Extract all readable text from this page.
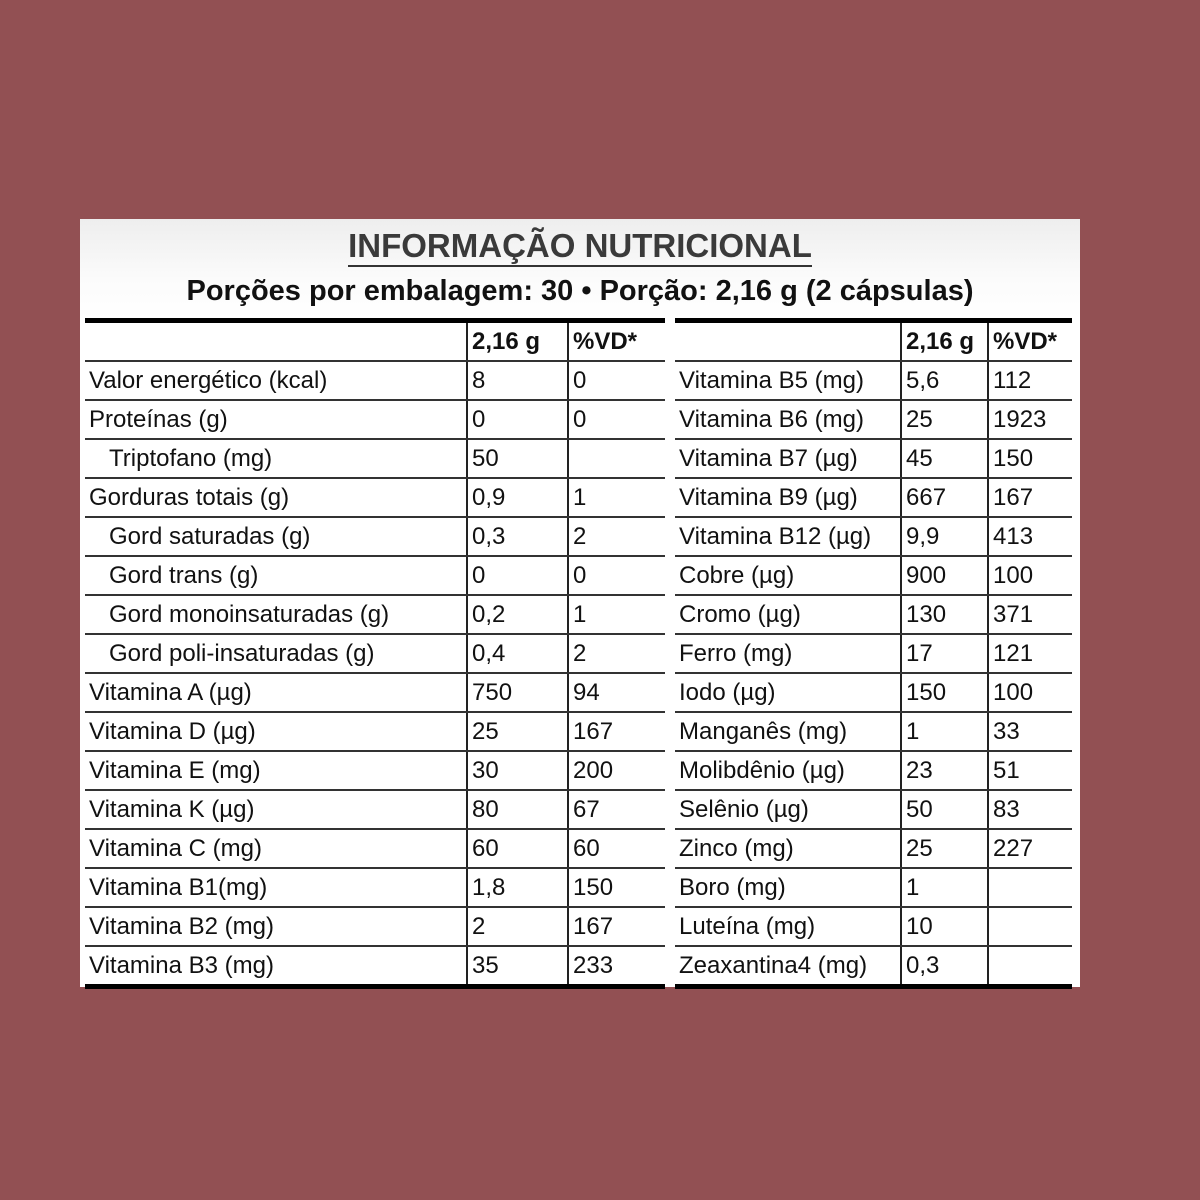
INFORMAÇÃO NUTRICIONAL
Porções por embalagem: 30 • Porção: 2,16 g (2 cápsulas)
	2,16 g	%VD*
Valor energético (kcal)	8	0
Proteínas (g)	0	0
Triptofano (mg)	50	
Gorduras totais (g)	0,9	1
Gord saturadas (g)	0,3	2
Gord trans (g)	0	0
Gord monoinsaturadas (g)	0,2	1
Gord poli-insaturadas (g)	0,4	2
Vitamina A (µg)	750	94
Vitamina D (µg)	25	167
Vitamina E (mg)	30	200
Vitamina K (µg)	80	67
Vitamina C (mg)	60	60
Vitamina B1(mg)	1,8	150
Vitamina B2 (mg)	2	167
Vitamina B3 (mg)	35	233
	2,16 g	%VD*
Vitamina B5 (mg)	5,6	112
Vitamina B6 (mg)	25	1923
Vitamina B7 (µg)	45	150
Vitamina B9 (µg)	667	167
Vitamina B12 (µg)	9,9	413
Cobre (µg)	900	100
Cromo (µg)	130	371
Ferro (mg)	17	121
Iodo (µg)	150	100
Manganês (mg)	1	33
Molibdênio (µg)	23	51
Selênio (µg)	50	83
Zinco (mg)	25	227
Boro (mg)	1	
Luteína (mg)	10	
Zeaxantina4 (mg)	0,3	
